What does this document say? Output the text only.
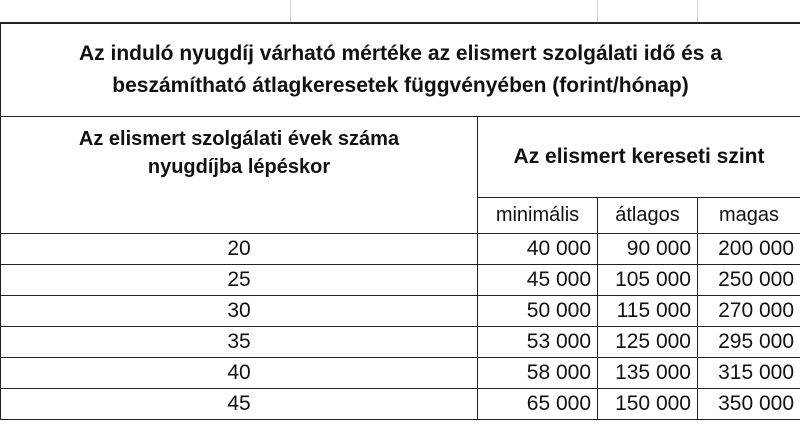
Az induló nyugdíj várható mértéke az elismert szolgálati idő és a
beszámítható átlagkeresetek függvényében (forint/hónap)			
Az elismert szolgálati évek száma
nyugdíjba lépéskor	Az elismert kereseti szint		
	minimális	átlagos	magas
20	40 000	90 000	200 000
25	45 000	105 000	250 000
30	50 000	115 000	270 000
35	53 000	125 000	295 000
40	58 000	135 000	315 000
45	65 000	150 000	350 000
